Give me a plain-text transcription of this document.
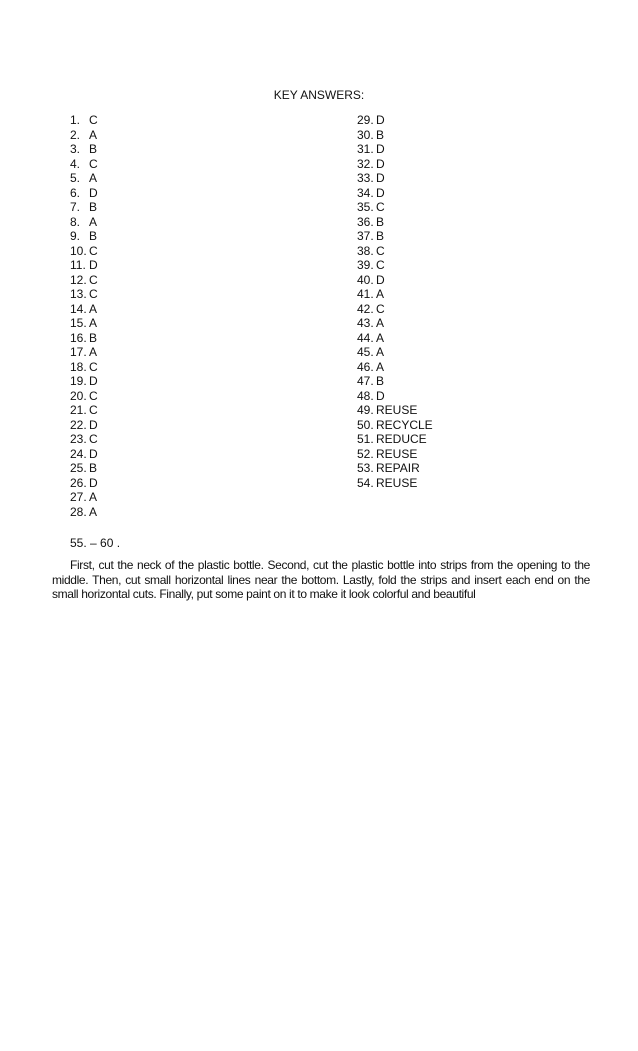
KEY ANSWERS:
1. C
2. A
3. B
4. C
5. A
6. D
7. B
8. A
9. B
10. C
11. D
12. C
13. C
14. A
15. A
16. B
17. A
18. C
19. D
20. C
21. C
22. D
23. C
24. D
25. B
26. D
27. A
28. A
29. D
30. B
31. D
32. D
33. D
34. D
35. C
36. B
37. B
38. C
39. C
40. D
41. A
42. C
43. A
44. A
45. A
46. A
47. B
48. D
49. REUSE
50. RECYCLE
51. REDUCE
52. REUSE
53. REPAIR
54. REUSE
55. – 60 .

First, cut the neck of the plastic bottle. Second, cut the plastic bottle into strips from the opening to the middle. Then, cut small horizontal lines near the bottom. Lastly, fold the strips and insert each end on the small horizontal cuts. Finally, put some paint on it to make it look colorful and beautiful
